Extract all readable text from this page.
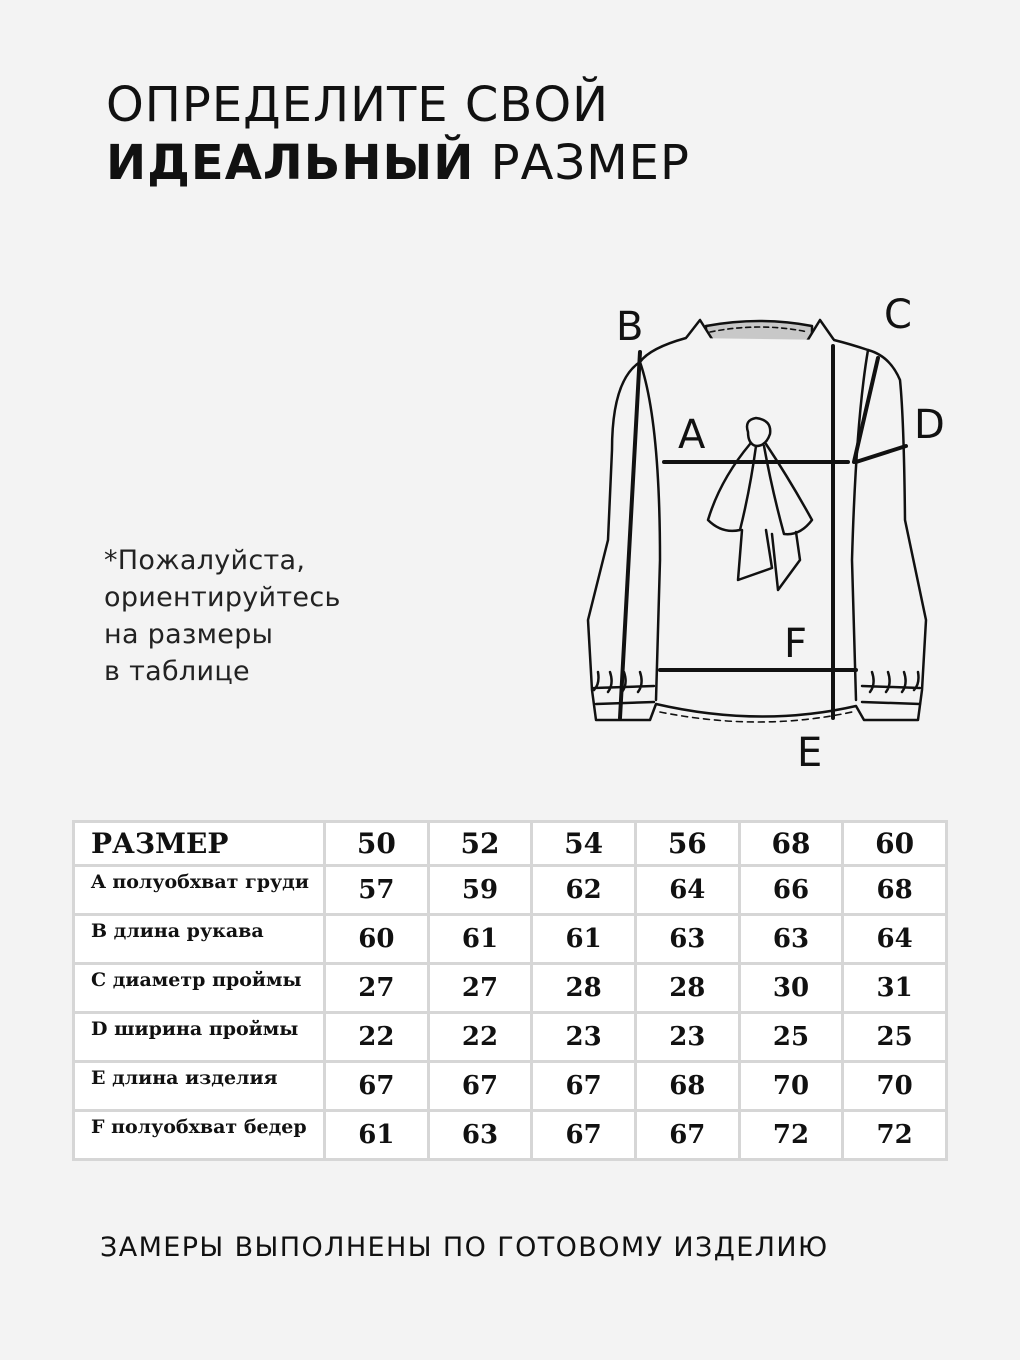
ОПРЕДЕЛИТЕ СВОЙ
ИДЕАЛЬНЫЙ РАЗМЕР
*Пожалуйста,
ориентируйтесь
на размеры
в таблице
A
B	C
D
E
F
РАЗМЕР	50	52	54	56	68	60
A полуобхват груди	57	59	62	64	66	68
B длина рукава	60	61	61	63	63	64
C диаметр проймы	27	27	28	28	30	31
D ширина проймы	22	22	23	23	25	25
E длина изделия	67	67	67	68	70	70
F полуобхват бедер	61	63	67	67	72	72
ЗАМЕРЫ ВЫПОЛНЕНЫ ПО ГОТОВОМУ ИЗДЕЛИЮ
